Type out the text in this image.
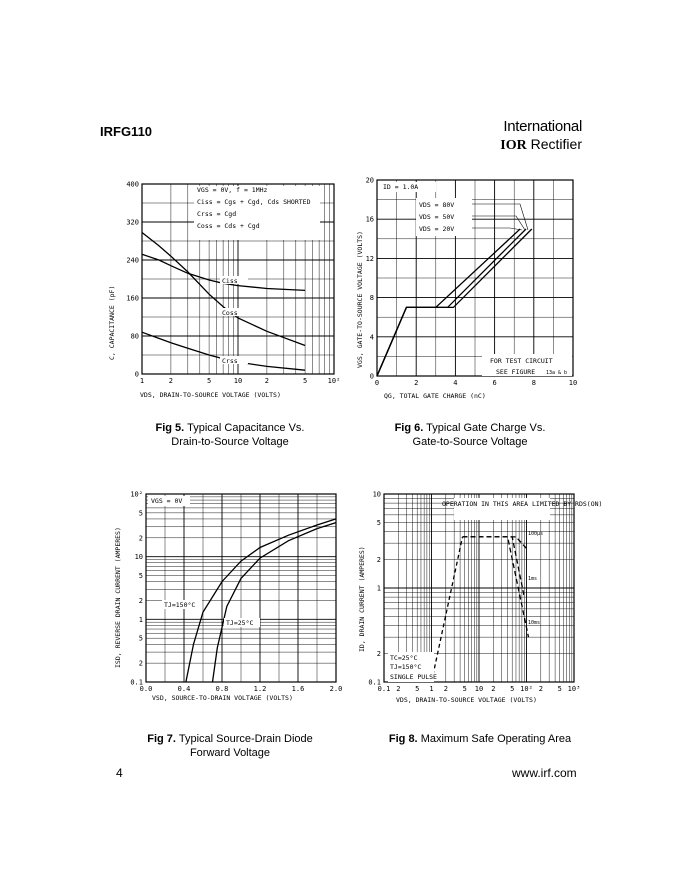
IRFG110	International
IOR Rectifier
0
80
160
240
320
400
1	2	5	10	2	5	10²
VGS = 0V, f = 1MHz
Ciss = Cgs + Cgd, Cds SHORTED
Crss = Cgd
Coss = Cds + Cgd
Ciss
Coss
Crss
C, CAPACITANCE (pF)
VDS, DRAIN-TO-SOURCE VOLTAGE (VOLTS)
Fig 5. Typical Capacitance Vs.
Drain-to-Source Voltage
0
4
8
12
16
20
0	2	4	6	8	10
ID = 1.0A
VDS = 80V
VDS = 50V
VDS = 20V
FOR TEST CIRCUIT
SEE FIGURE 13a & b
VGS, GATE-TO-SOURCE VOLTAGE (VOLTS)
QG, TOTAL GATE CHARGE (nC)
Fig 6. Typical Gate Charge Vs.
Gate-to-Source Voltage
0.1
2
5
1
2
5
10
2
5
10²
0.0	0.4	0.8	1.2	1.6	2.0
VGS = 0V
TJ=150°C
TJ=25°C
ISD, REVERSE DRAIN CURRENT (AMPERES)
VSD, SOURCE-TO-DRAIN VOLTAGE (VOLTS)
Fig 7. Typical Source-Drain Diode
Forward Voltage
0.1
2
1
2
5
10
0.1 2 5 1 2 5 10 2 5 10² 2 5 10³
OPERATION IN THIS AREA LIMITED BY RDS(ON)
100μs
1ms
10ms
TC=25°C
TJ=150°C
SINGLE PULSE
ID, DRAIN CURRENT (AMPERES)
VDS, DRAIN-TO-SOURCE VOLTAGE (VOLTS)
Fig 8. Maximum Safe Operating Area
4	www.irf.com
